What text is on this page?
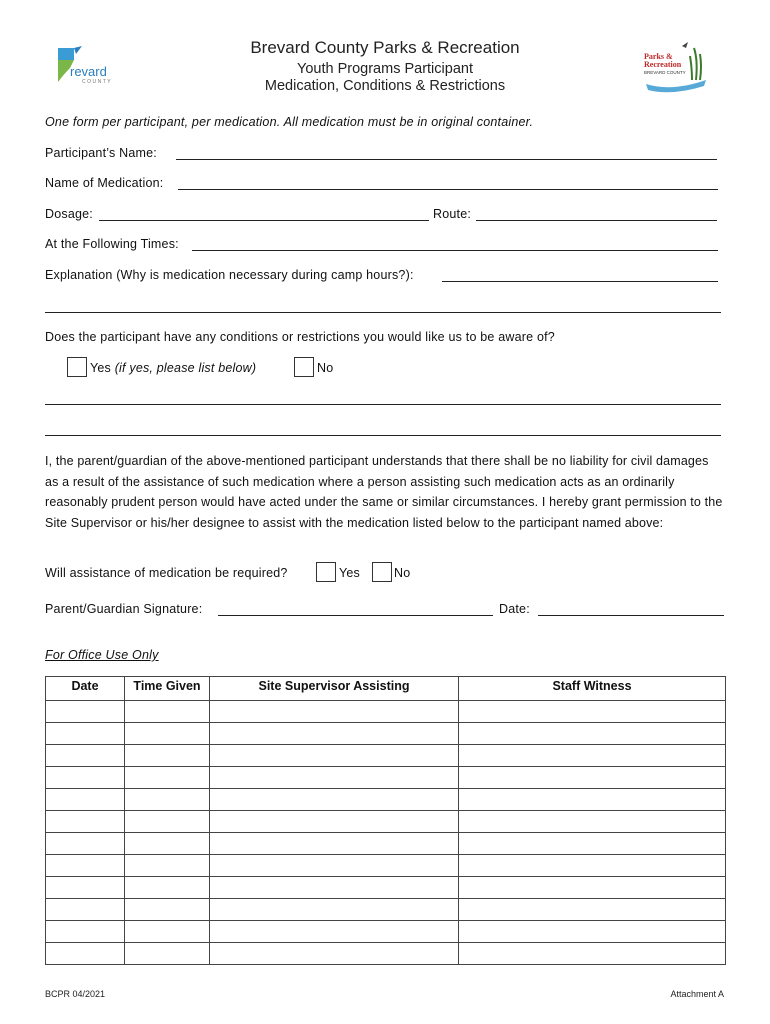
revard
COUNTY
Parks &
Recreation
BREVARD COUNTY
Brevard County Parks & Recreation
Youth Programs Participant
Medication, Conditions & Restrictions
One form per participant, per medication. All medication must be in original container.
Participant’s Name:
Name of Medication:
Dosage:	Route:
At the Following Times:
Explanation (Why is medication necessary during camp hours?):
Does the participant have any conditions or restrictions you would like us to be aware of?
Yes (if yes, please list below)	No
I, the parent/guardian of the above-mentioned participant understands that there shall be no liability for civil damages as a result of the assistance of such medication where a person assisting such medication acts as an ordinarily reasonably prudent person would have acted under the same or similar circumstances. I hereby grant permission to the Site Supervisor or his/her designee to assist with the medication listed below to the participant named above:
Will assistance of medication be required?	Yes	No
Parent/Guardian Signature:	Date:
For Office Use Only
Date	Time Given	Site Supervisor Assisting	Staff Witness

BCPR 04/2021	Attachment A
